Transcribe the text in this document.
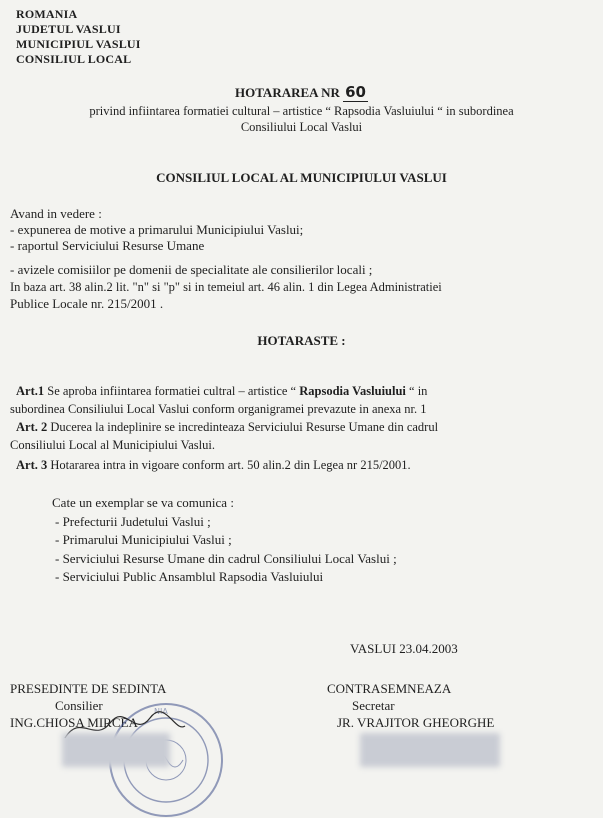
ROMANIA
JUDETUL VASLUI
MUNICIPIUL VASLUI
CONSILIUL LOCAL
HOTARAREA NR 60
privind infiintarea formatiei cultural – artistice “ Rapsodia Vasluiului “ in subordinea
Consiliului Local Vaslui
CONSILIUL LOCAL AL MUNICIPIULUI VASLUI
Avand in vedere :
- expunerea de motive a primarului Municipiului Vaslui;
- raportul Serviciului Resurse Umane
- avizele comisiilor pe domenii de specialitate ale consilierilor locali ;
In baza art. 38 alin.2 lit. "n" si "p" si in temeiul art. 46 alin. 1 din Legea Administratiei
Publice Locale nr. 215/2001 .
HOTARASTE :
Art.1 Se aproba infiintarea formatiei cultral – artistice “ Rapsodia Vasluiului “ in
subordinea Consiliului Local Vaslui conform organigramei prevazute in anexa nr. 1
Art. 2 Ducerea la indeplinire se incredinteaza Serviciului Resurse Umane din cadrul
Consiliului Local al Municipiului Vaslui.
Art. 3 Hotararea intra in vigoare conform art. 50 alin.2 din Legea nr 215/2001.
Cate un exemplar se va comunica :
- Prefecturii Judetului Vaslui ;
- Primarului Municipiului Vaslui ;
- Serviciului Resurse Umane din cadrul Consiliului Local Vaslui ;
- Serviciului Public Ansamblul Rapsodia Vasluiului
VASLUI 23.04.2003
PRESEDINTE DE SEDINTA
Consilier
ING.CHIOSA MIRCEA
CONTRASEMNEAZA
Secretar
JR. VRAJITOR GHEORGHE
NIA
